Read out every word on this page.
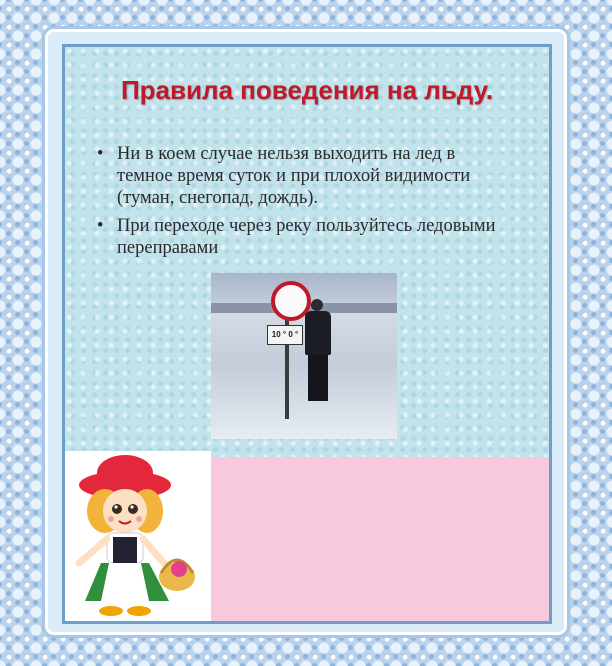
Правила поведения на льду.
• Ни в коем случае нельзя выходить на лед в темное время суток и при плохой видимости (туман, снегопад, дождь).
• При переходе через реку пользуйтесь ледовыми переправами
10 ° 0 °
